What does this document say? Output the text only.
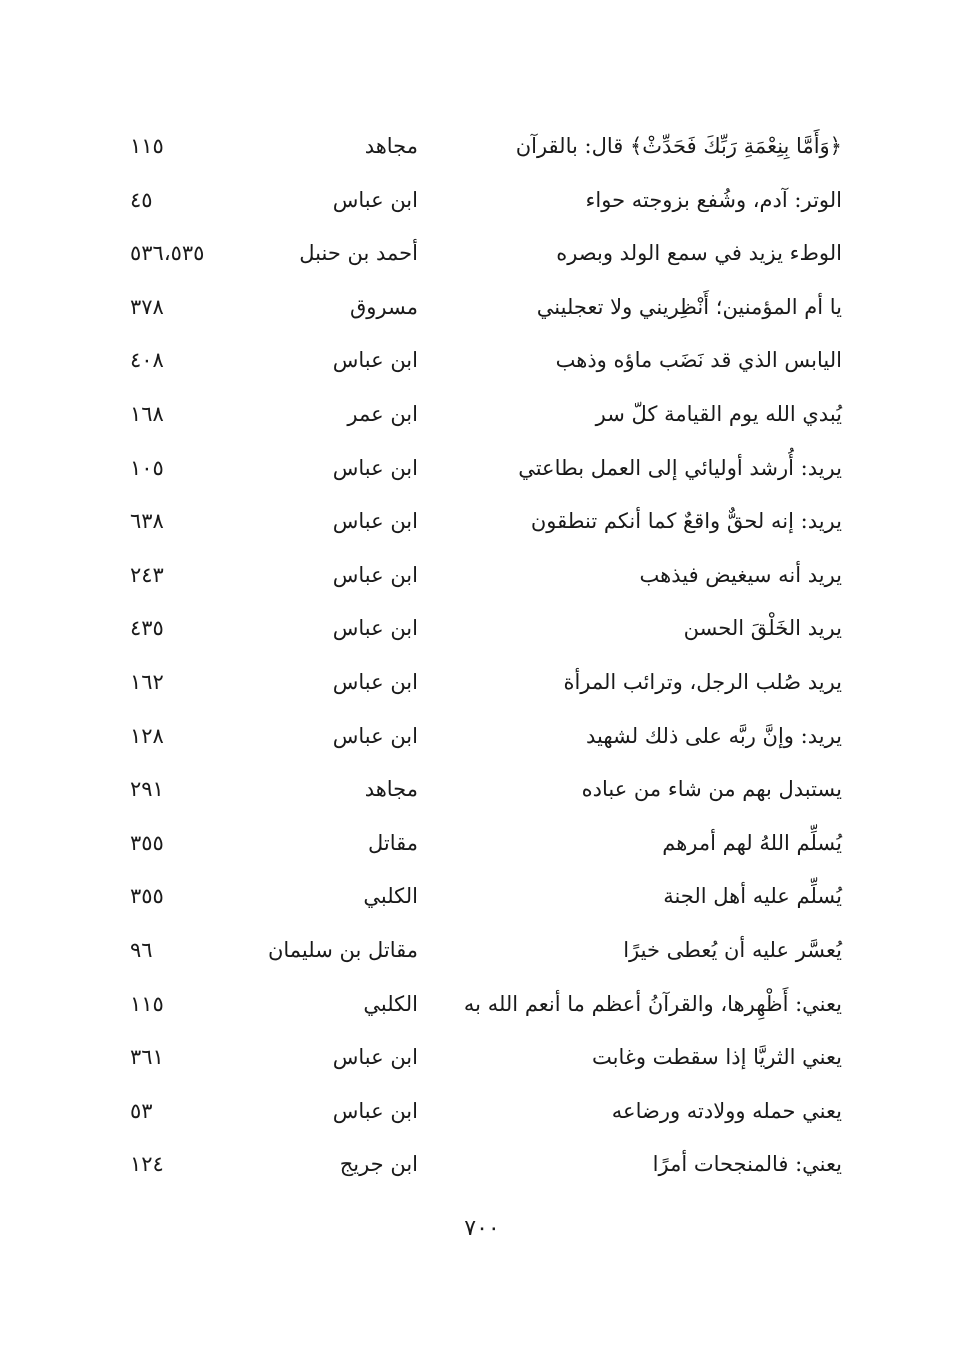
﴿وَأَمَّا بِنِعْمَةِ رَبِّكَ فَحَدِّثْ﴾ قال: بالقرآن
مجاهد
١١٥
الوتر: آدم، وشُفع بزوجته حواء
ابن عباس
٤٥
الوطء يزيد في سمع الولد وبصره
أحمد بن حنبل
٥٣٦،٥٣٥
يا أم المؤمنين؛ أَنْظِريني ولا تعجليني
مسروق
٣٧٨
اليابس الذي قد نَضَب ماؤه وذهب
ابن عباس
٤٠٨
يُبدي الله يوم القيامة كلّ سر
ابن عمر
١٦٨
يريد: أُرشد أوليائي إلى العمل بطاعتي
ابن عباس
١٠٥
يريد: إنه لحقٌّ واقعٌ كما أنكم تنطقون
ابن عباس
٦٣٨
يريد أنه سيغيض فيذهب
ابن عباس
٢٤٣
يريد الخَلْقَ الحسن
ابن عباس
٤٣٥
يريد صُلب الرجل، وترائب المرأة
ابن عباس
١٦٢
يريد: وإنَّ ربَّه على ذلك لشهيد
ابن عباس
١٢٨
يستبدل بهم من شاء من عباده
مجاهد
٢٩١
يُسلِّم اللهُ لهم أمرهم
مقاتل
٣٥٥
يُسلِّم عليه أهل الجنة
الكلبي
٣٥٥
يُعسَّر عليه أن يُعطى خيرًا
مقاتل بن سليمان
٩٦
يعني: أَظْهِرها، والقرآنُ أعظم ما أنعم الله به
الكلبي
١١٥
يعني الثريَّا إذا سقطت وغابت
ابن عباس
٣٦١
يعني حمله وولادته ورضاعه
ابن عباس
٥٣
يعني: فالمنجحات أمرًا
ابن جريج
١٢٤
٧٠٠
